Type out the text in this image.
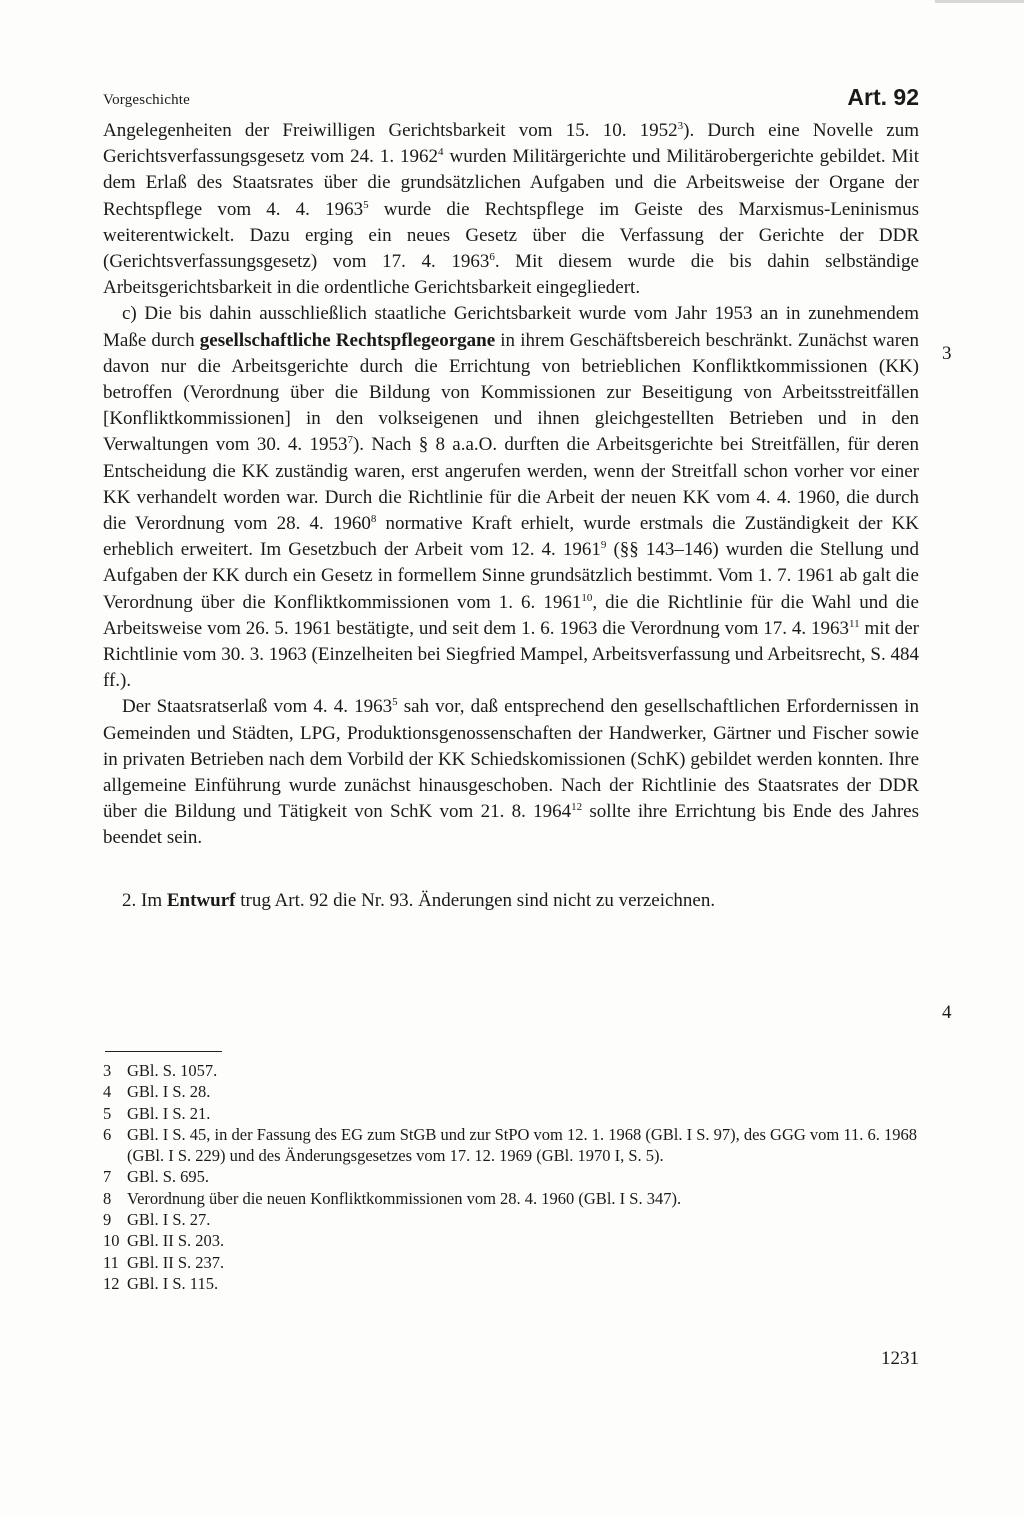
Vorgeschichte	Art. 92

Angelegenheiten der Freiwilligen Gerichtsbarkeit vom 15. 10. 1952$^3$). Durch eine Novelle zum Gerichtsverfassungsgesetz vom 24. 1. 1962$^4$ wurden Militärgerichte und Militärobergerichte gebildet. Mit dem Erlaß des Staatsrates über die grundsätzlichen Aufgaben und die Arbeitsweise der Organe der Rechtspflege vom 4. 4. 1963$^5$ wurde die Rechtspflege im Geiste des Marxismus-Leninismus weiterentwickelt. Dazu erging ein neues Gesetz über die Verfassung der Gerichte der DDR (Gerichtsverfassungsgesetz) vom 17. 4. 1963$^6$. Mit diesem wurde die bis dahin selbständige Arbeitsgerichtsbarkeit in die ordentliche Gerichtsbarkeit eingegliedert.

c) Die bis dahin ausschließlich staatliche Gerichtsbarkeit wurde vom Jahr 1953 an in zunehmendem Maße durch gesellschaftliche Rechtspflegeorgane in ihrem Geschäftsbereich beschränkt. Zunächst waren davon nur die Arbeitsgerichte durch die Errichtung von betrieblichen Konfliktkommissionen (KK) betroffen (Verordnung über die Bildung von Kommissionen zur Beseitigung von Arbeitsstreitfällen [Konfliktkommissionen] in den volkseigenen und ihnen gleichgestellten Betrieben und in den Verwaltungen vom 30. 4. 1953$^7$). Nach § 8 a.a.O. durften die Arbeitsgerichte bei Streitfällen, für deren Entscheidung die KK zuständig waren, erst angerufen werden, wenn der Streitfall schon vorher vor einer KK verhandelt worden war. Durch die Richtlinie für die Arbeit der neuen KK vom 4. 4. 1960, die durch die Verordnung vom 28. 4. 1960$^8$ normative Kraft erhielt, wurde erstmals die Zuständigkeit der KK erheblich erweitert. Im Gesetzbuch der Arbeit vom 12. 4. 1961$^9$ (§§ 143–146) wurden die Stellung und Aufgaben der KK durch ein Gesetz in formellem Sinne grundsätzlich bestimmt. Vom 1. 7. 1961 ab galt die Verordnung über die Konfliktkommissionen vom 1. 6. 1961$^{10}$, die die Richtlinie für die Wahl und die Arbeitsweise vom 26. 5. 1961 bestätigte, und seit dem 1. 6. 1963 die Verordnung vom 17. 4. 1963$^{11}$ mit der Richtlinie vom 30. 3. 1963 (Einzelheiten bei Siegfried Mampel, Arbeitsverfassung und Arbeitsrecht, S. 484 ff.).

Der Staatsratserlaß vom 4. 4. 1963$^5$ sah vor, daß entsprechend den gesellschaftlichen Erfordernissen in Gemeinden und Städten, LPG, Produktionsgenossenschaften der Handwerker, Gärtner und Fischer sowie in privaten Betrieben nach dem Vorbild der KK Schiedskomissionen (SchK) gebildet werden konnten. Ihre allgemeine Einführung wurde zunächst hinausgeschoben. Nach der Richtlinie des Staatsrates der DDR über die Bildung und Tätigkeit von SchK vom 21. 8. 1964$^{12}$ sollte ihre Errichtung bis Ende des Jahres beendet sein.

2. Im Entwurf trug Art. 92 die Nr. 93. Änderungen sind nicht zu verzeichnen.

3
4
3 GBl. S. 1057.
4 GBl. I S. 28.
5 GBl. I S. 21.
6 GBl. I S. 45, in der Fassung des EG zum StGB und zur StPO vom 12. 1. 1968 (GBl. I S. 97), des GGG vom 11. 6. 1968 (GBl. I S. 229) und des Änderungsgesetzes vom 17. 12. 1969 (GBl. 1970 I, S. 5).
7 GBl. S. 695.
8 Verordnung über die neuen Konfliktkommissionen vom 28. 4. 1960 (GBl. I S. 347).
9 GBl. I S. 27.
10 GBl. II S. 203.
11 GBl. II S. 237.
12 GBl. I S. 115.
1231
